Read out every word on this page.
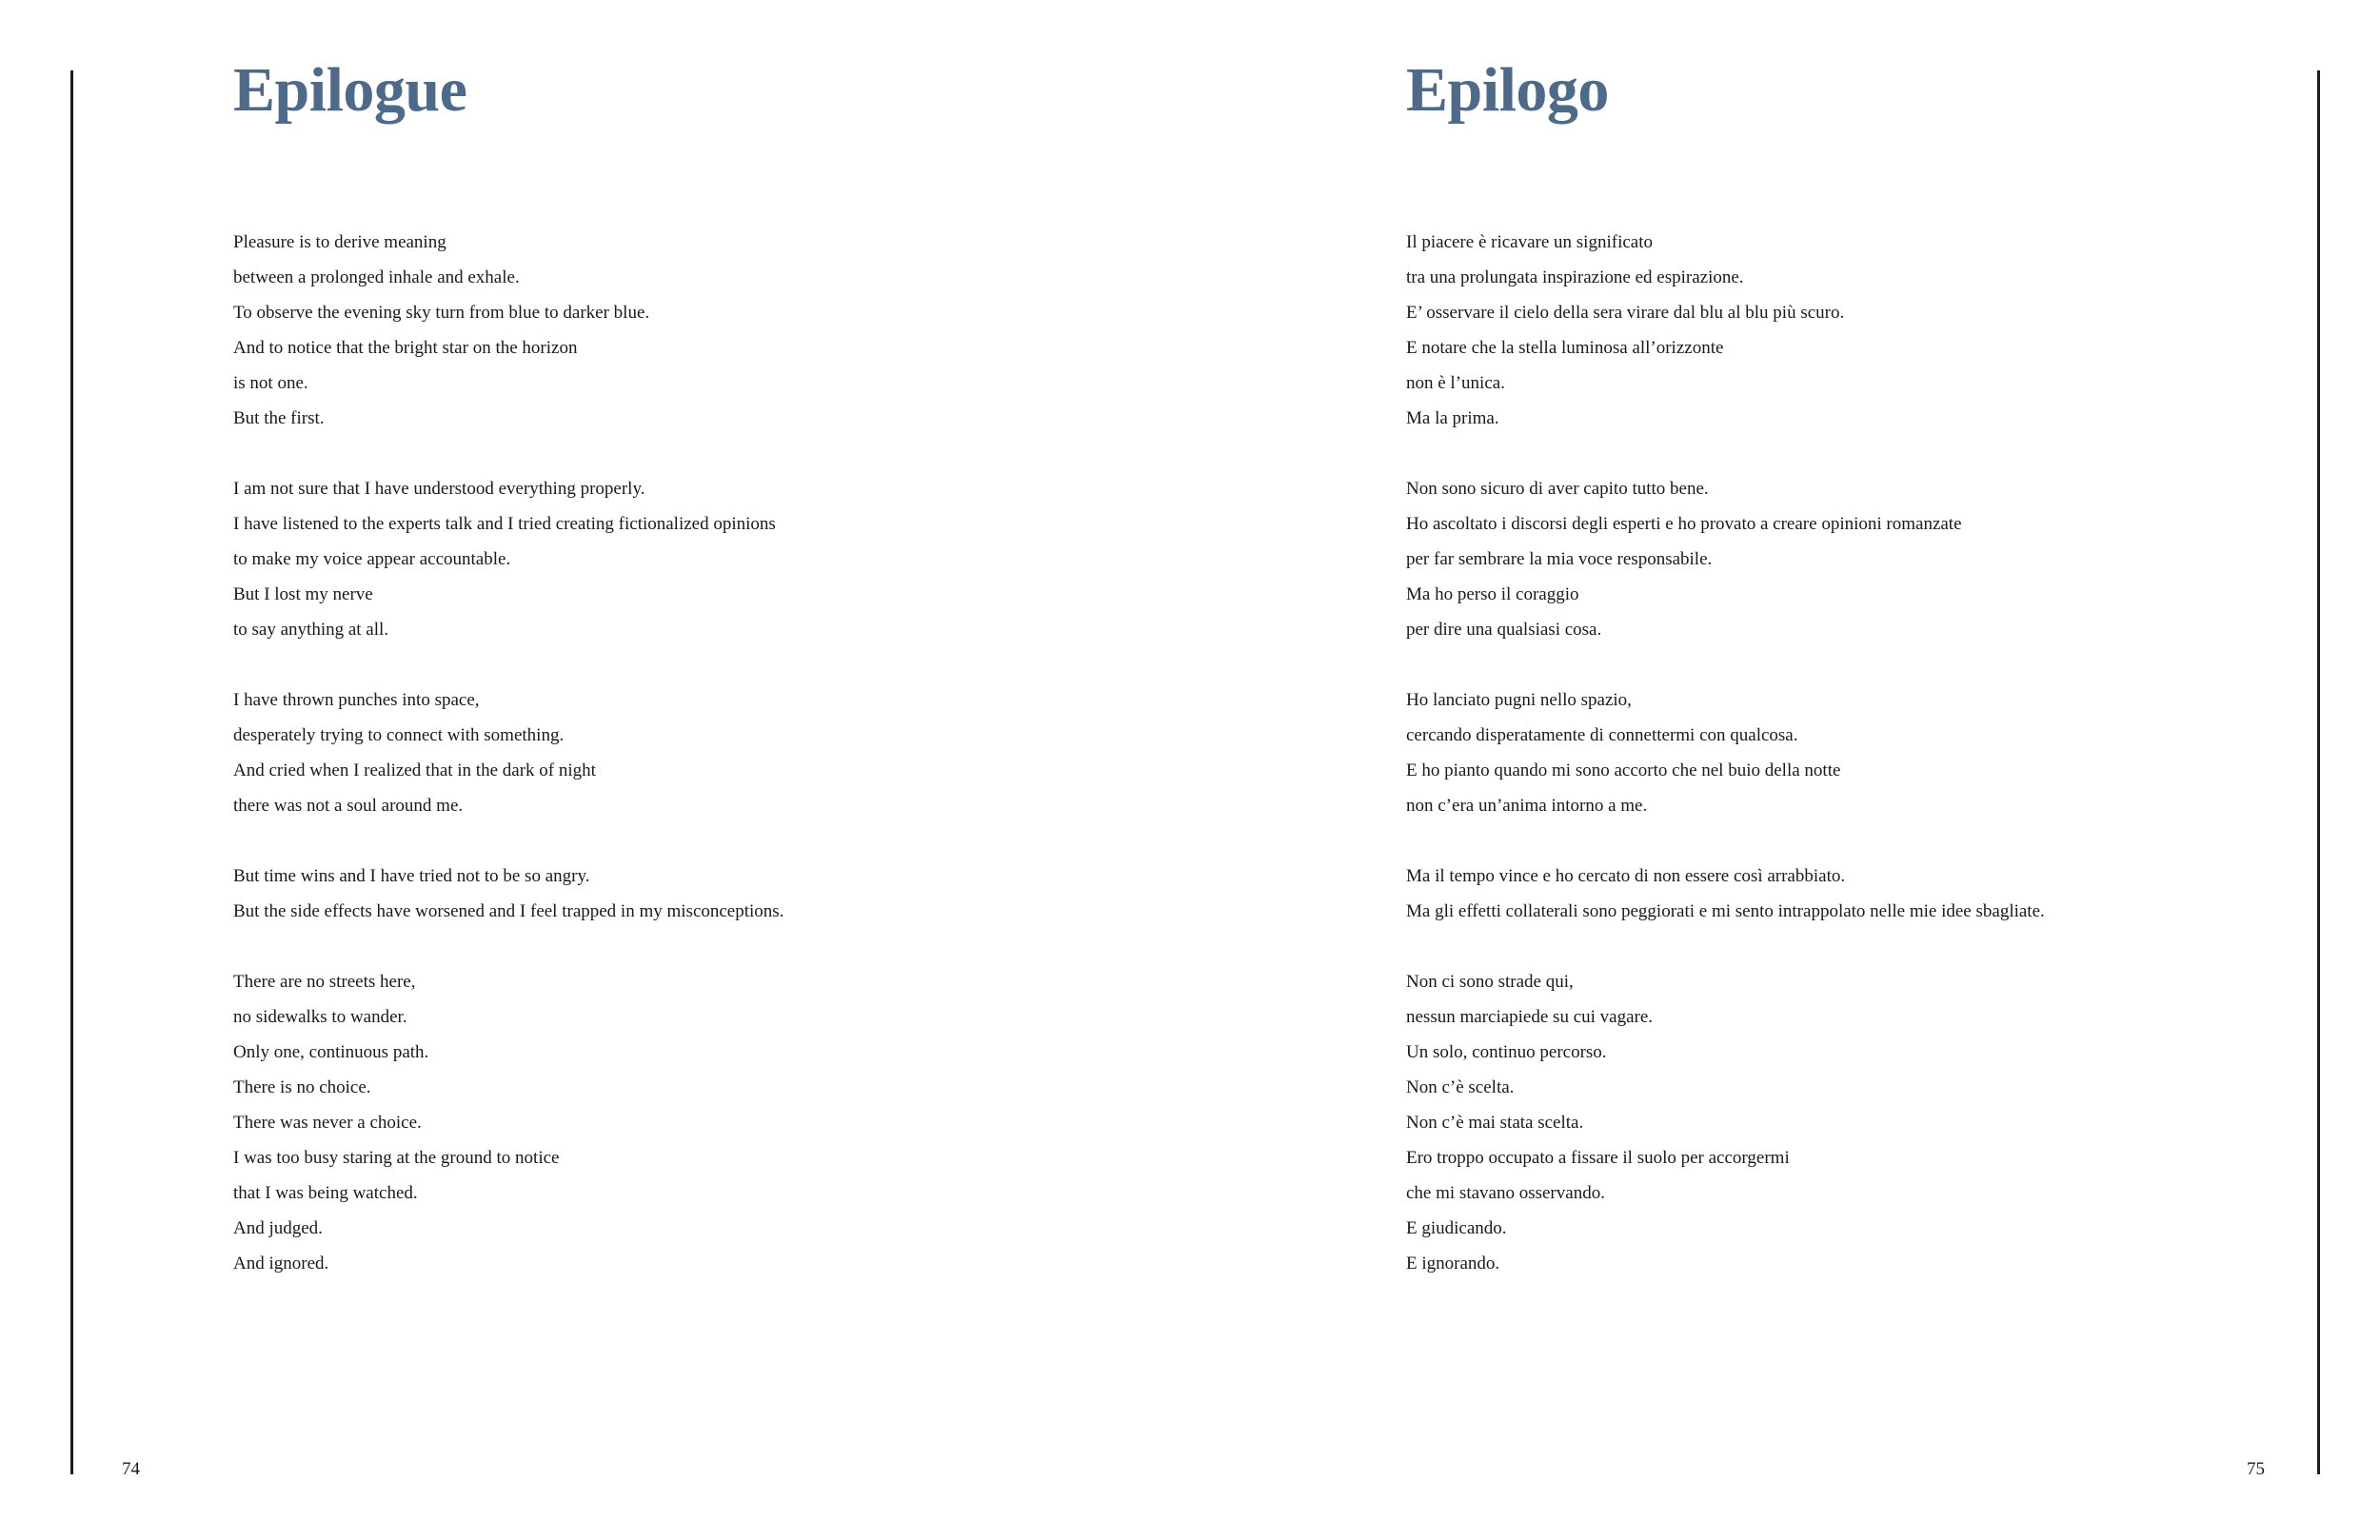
Epilogue
Pleasure is to derive meaning
between a prolonged inhale and exhale.
To observe the evening sky turn from blue to darker blue.
And to notice that the bright star on the horizon
is not one.
But the first.
I am not sure that I have understood everything properly.
I have listened to the experts talk and I tried creating fictionalized opinions
to make my voice appear accountable.
But I lost my nerve
to say anything at all.
I have thrown punches into space,
desperately trying to connect with something.
And cried when I realized that in the dark of night
there was not a soul around me.
But time wins and I have tried not to be so angry.
But the side effects have worsened and I feel trapped in my misconceptions.
There are no streets here,
no sidewalks to wander.
Only one, continuous path.
There is no choice.
There was never a choice.
I was too busy staring at the ground to notice
that I was being watched.
And judged.
And ignored.
Epilogo
Il piacere è ricavare un significato
tra una prolungata inspirazione ed espirazione.
E’ osservare il cielo della sera virare dal blu al blu più scuro.
E notare che la stella luminosa all’orizzonte
non è l’unica.
Ma la prima.
Non sono sicuro di aver capito tutto bene.
Ho ascoltato i discorsi degli esperti e ho provato a creare opinioni romanzate
per far sembrare la mia voce responsabile.
Ma ho perso il coraggio
per dire una qualsiasi cosa.
Ho lanciato pugni nello spazio,
cercando disperatamente di connettermi con qualcosa.
E ho pianto quando mi sono accorto che nel buio della notte
non c’era un’anima intorno a me.
Ma il tempo vince e ho cercato di non essere così arrabbiato.
Ma gli effetti collaterali sono peggiorati e mi sento intrappolato nelle mie idee sbagliate.
Non ci sono strade qui,
nessun marciapiede su cui vagare.
Un solo, continuo percorso.
Non c’è scelta.
Non c’è mai stata scelta.
Ero troppo occupato a fissare il suolo per accorgermi
che mi stavano osservando.
E giudicando.
E ignorando.
74	75
